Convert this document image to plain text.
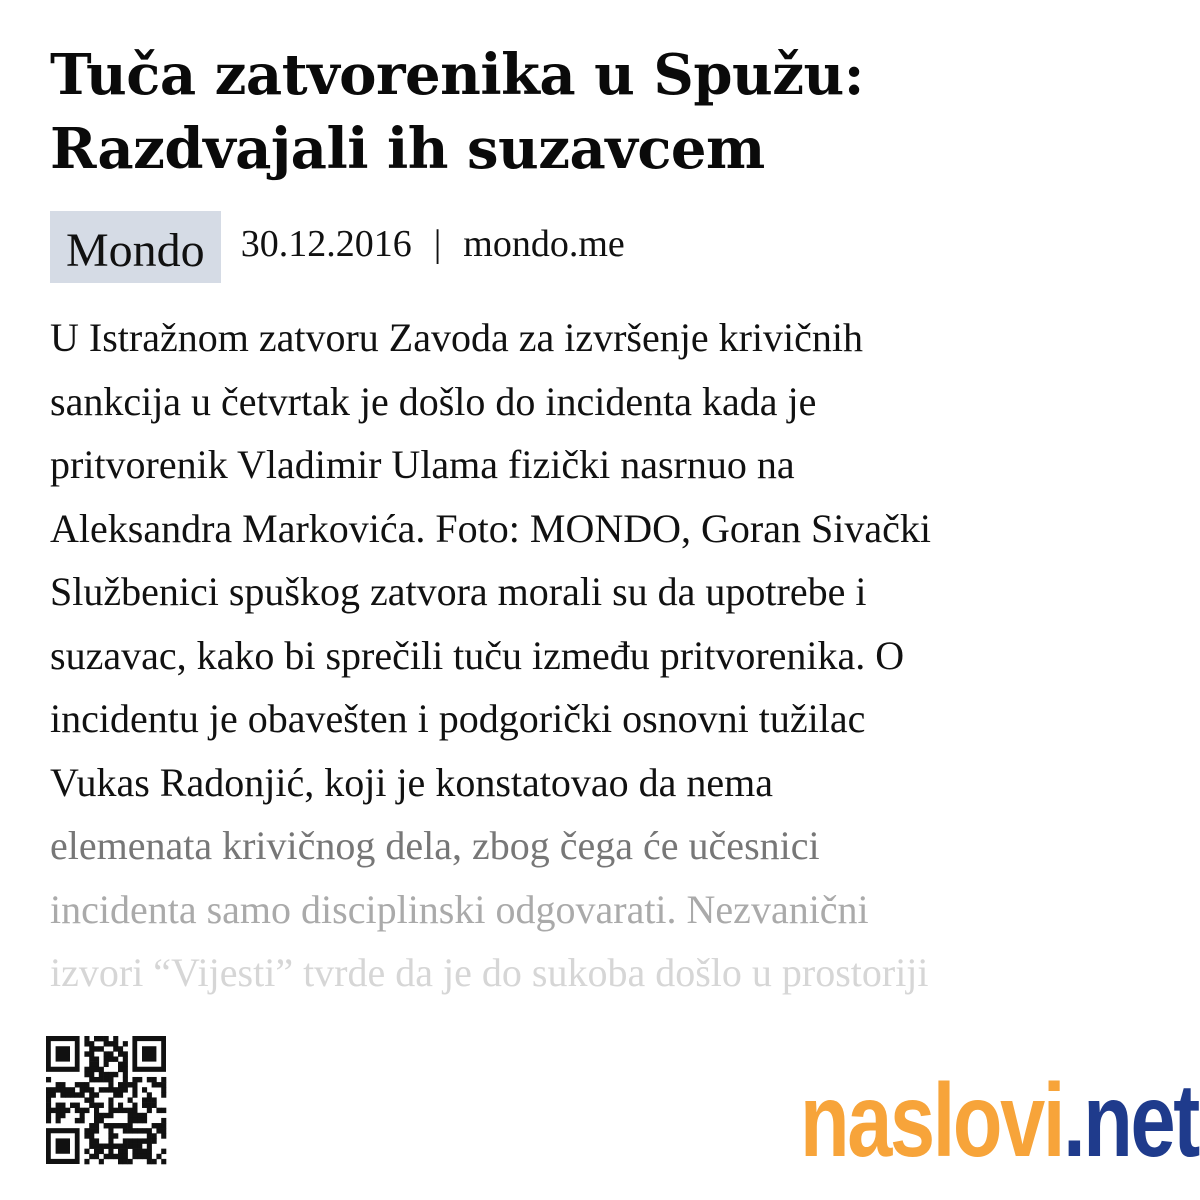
Tuča zatvorenika u Spužu: Razdvajali ih suzavcem
Mondo 30.12.2016 | mondo.me
U Istražnom zatvoru Zavoda za izvršenje krivičnih
sankcija u četvrtak je došlo do incidenta kada je
pritvorenik Vladimir Ulama fizički nasrnuo na
Aleksandra Markovića. Foto: MONDO, Goran Sivački
Službenici spuškog zatvora morali su da upotrebe i
suzavac, kako bi sprečili tuču između pritvorenika. O
incidentu je obavešten i podgorički osnovni tužilac
Vukas Radonjić, koji je konstatovao da nema
elemenata krivičnog dela, zbog čega će učesnici
incidenta samo disciplinski odgovarati. Nezvanični
izvori “Vijesti” tvrde da je do sukoba došlo u prostoriji
naslovi.net
